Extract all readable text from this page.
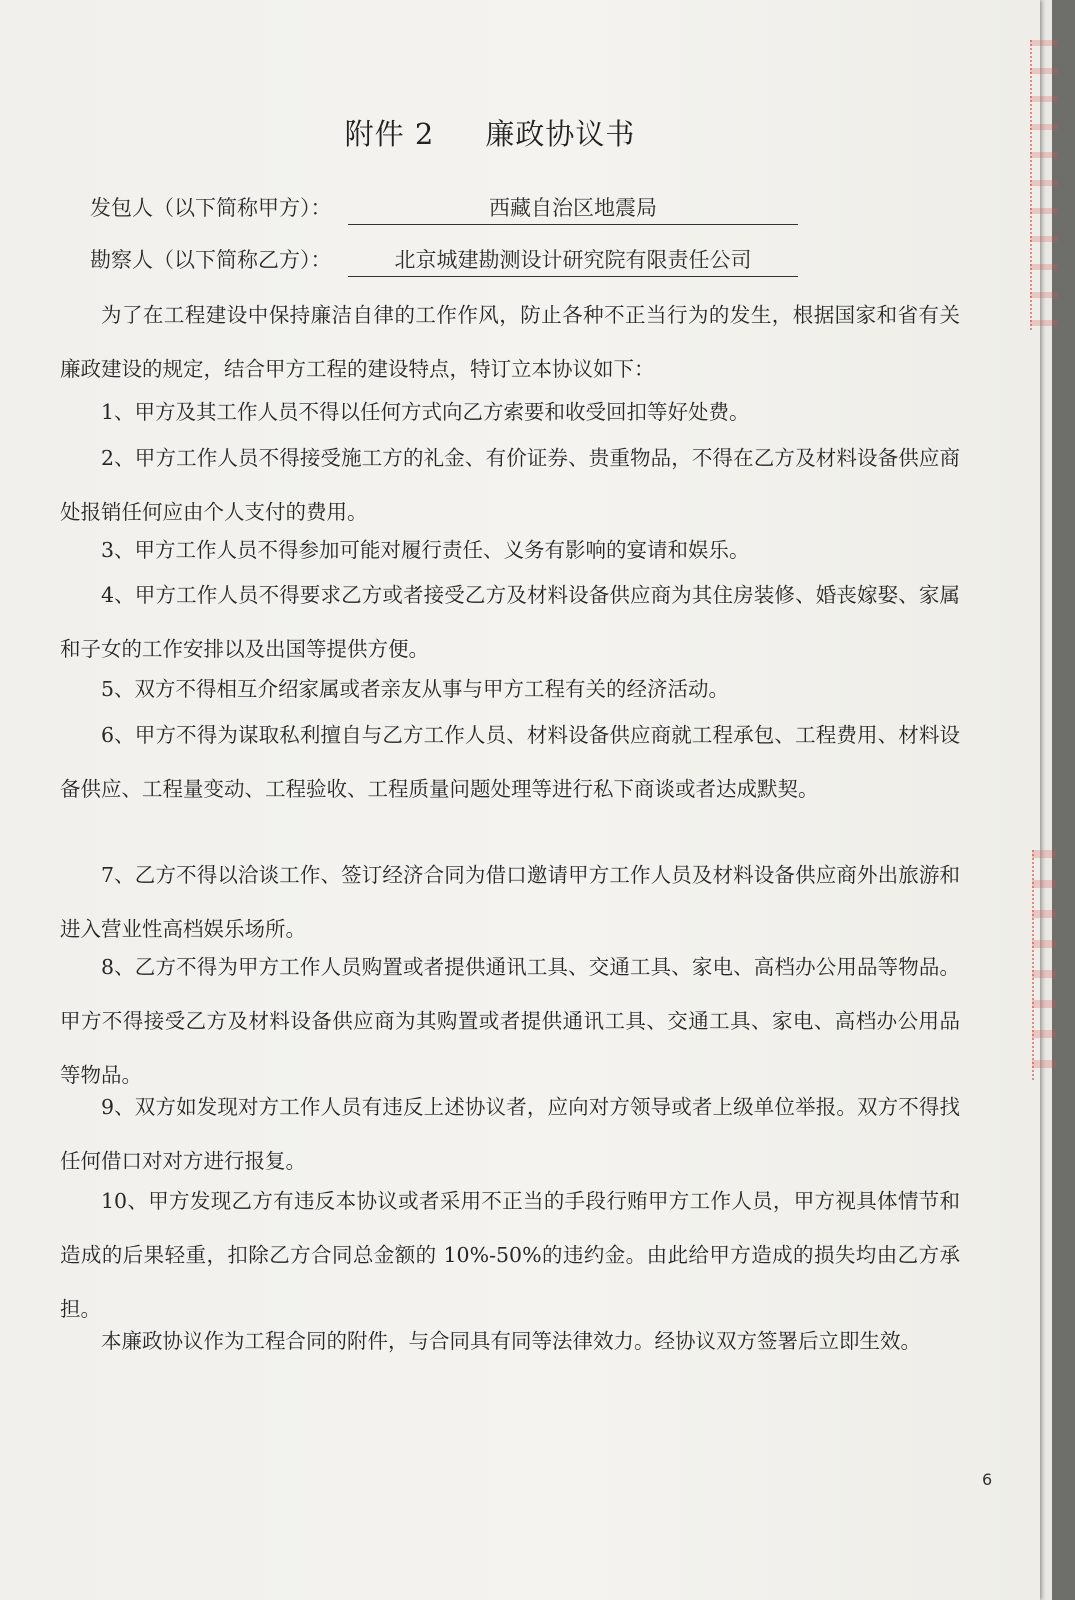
附件 2     廉政协议书
发包人（以下简称甲方）：	西藏自治区地震局
勘察人（以下简称乙方）：	北京城建勘测设计研究院有限责任公司

为了在工程建设中保持廉洁自律的工作作风，防止各种不正当行为的发生，根据国家和省有关廉政建设的规定，结合甲方工程的建设特点，特订立本协议如下：

1、甲方及其工作人员不得以任何方式向乙方索要和收受回扣等好处费。

2、甲方工作人员不得接受施工方的礼金、有价证券、贵重物品，不得在乙方及材料设备供应商处报销任何应由个人支付的费用。

3、甲方工作人员不得参加可能对履行责任、义务有影响的宴请和娱乐。

4、甲方工作人员不得要求乙方或者接受乙方及材料设备供应商为其住房装修、婚丧嫁娶、家属和子女的工作安排以及出国等提供方便。

5、双方不得相互介绍家属或者亲友从事与甲方工程有关的经济活动。

6、甲方不得为谋取私利擅自与乙方工作人员、材料设备供应商就工程承包、工程费用、材料设备供应、工程量变动、工程验收、工程质量问题处理等进行私下商谈或者达成默契。

7、乙方不得以洽谈工作、签订经济合同为借口邀请甲方工作人员及材料设备供应商外出旅游和进入营业性高档娱乐场所。

8、乙方不得为甲方工作人员购置或者提供通讯工具、交通工具、家电、高档办公用品等物品。甲方不得接受乙方及材料设备供应商为其购置或者提供通讯工具、交通工具、家电、高档办公用品等物品。

9、双方如发现对方工作人员有违反上述协议者，应向对方领导或者上级单位举报。双方不得找任何借口对对方进行报复。

10、甲方发现乙方有违反本协议或者采用不正当的手段行贿甲方工作人员，甲方视具体情节和造成的后果轻重，扣除乙方合同总金额的 10%-50%的违约金。由此给甲方造成的损失均由乙方承担。

本廉政协议作为工程合同的附件，与合同具有同等法律效力。经协议双方签署后立即生效。

6
